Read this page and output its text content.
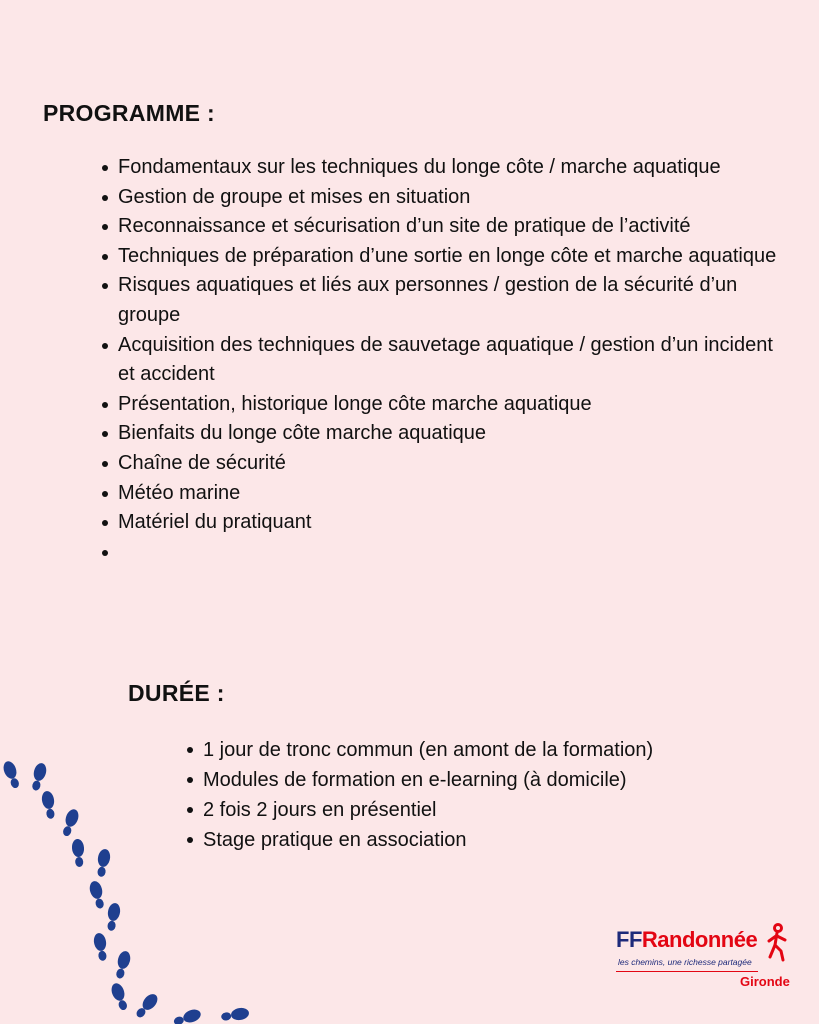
PROGRAMME :
Fondamentaux sur les techniques du longe côte / marche aquatique
Gestion de groupe et mises en situation
Reconnaissance et sécurisation d’un site de pratique de l’activité
Techniques de préparation d’une sortie en longe côte et marche aquatique
Risques aquatiques et liés aux personnes / gestion de la sécurité d’un groupe
Acquisition des techniques de sauvetage aquatique / gestion d’un incident et accident
Présentation, historique longe côte marche aquatique
Bienfaits du longe côte marche aquatique
Chaîne de sécurité
Météo marine
Matériel du pratiquant

DURÉE :
1 jour de tronc commun (en amont de la formation)
Modules de formation en e-learning (à domicile)
2 fois 2 jours en présentiel
Stage pratique en association
FFRandonnée
les chemins, une richesse partagée
Gironde
